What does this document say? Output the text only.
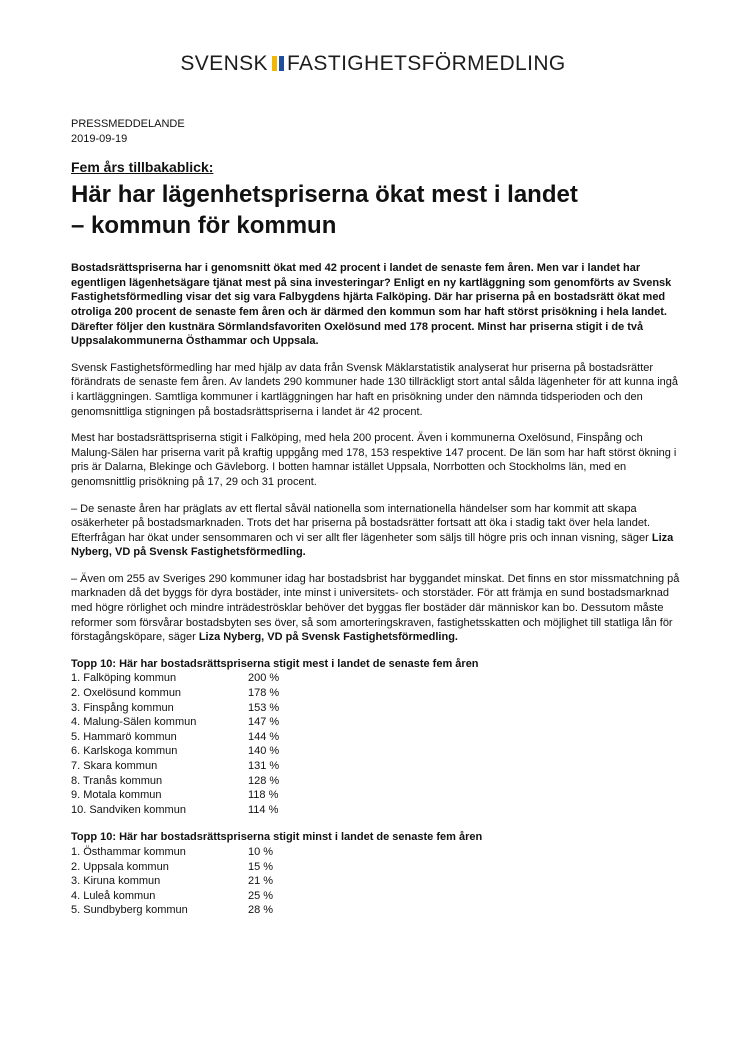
SVENSK FASTIGHETSFÖRMEDLING
PRESSMEDDELANDE
2019-09-19
Fem års tillbakablick:
Här har lägenhetspriserna ökat mest i landet
– kommun för kommun

Bostadsrättspriserna har i genomsnitt ökat med 42 procent i landet de senaste fem åren. Men var i landet har egentligen lägenhetsägare tjänat mest på sina investeringar? Enligt en ny kartläggning som genomförts av Svensk Fastighetsförmedling visar det sig vara Falbygdens hjärta Falköping. Där har priserna på en bostadsrätt ökat med otroliga 200 procent de senaste fem åren och är därmed den kommun som har haft störst prisökning i hela landet. Därefter följer den kustnära Sörmlandsfavoriten Oxelösund med 178 procent. Minst har priserna stigit i de två Uppsalakommunerna Östhammar och Uppsala.

Svensk Fastighetsförmedling har med hjälp av data från Svensk Mäklarstatistik analyserat hur priserna på bostadsrätter förändrats de senaste fem åren. Av landets 290 kommuner hade 130 tillräckligt stort antal sålda lägenheter för att kunna ingå i kartläggningen. Samtliga kommuner i kartläggningen har haft en prisökning under den nämnda tidsperioden och den genomsnittliga stigningen på bostadsrättspriserna i landet är 42 procent.

Mest har bostadsrättspriserna stigit i Falköping, med hela 200 procent. Även i kommunerna Oxelösund, Finspång och Malung-Sälen har priserna varit på kraftig uppgång med 178, 153 respektive 147 procent. De län som har haft störst ökning i pris är Dalarna, Blekinge och Gävleborg. I botten hamnar istället Uppsala, Norrbotten och Stockholms län, med en genomsnittlig prisökning på 17, 29 och 31 procent.

– De senaste åren har präglats av ett flertal såväl nationella som internationella händelser som har kommit att skapa osäkerheter på bostadsmarknaden. Trots det har priserna på bostadsrätter fortsatt att öka i stadig takt över hela landet. Efterfrågan har ökat under sensommaren och vi ser allt fler lägenheter som säljs till högre pris och innan visning, säger Liza Nyberg, VD på Svensk Fastighetsförmedling.

– Även om 255 av Sveriges 290 kommuner idag har bostadsbrist har byggandet minskat. Det finns en stor missmatchning på marknaden då det byggs för dyra bostäder, inte minst i universitets- och storstäder. För att främja en sund bostadsmarknad med högre rörlighet och mindre inträdeströsklar behöver det byggas fler bostäder där människor kan bo. Dessutom måste reformer som försvårar bostadsbyten ses över, så som amorteringskraven, fastighetsskatten och möjlighet till statliga lån för förstagångsköpare, säger Liza Nyberg, VD på Svensk Fastighetsförmedling.

Topp 10: Här har bostadsrättspriserna stigit mest i landet de senaste fem åren
1. Falköping kommun	200 %
2. Oxelösund kommun	178 %
3. Finspång kommun	153 %
4. Malung-Sälen kommun	147 %
5. Hammarö kommun	144 %
6. Karlskoga kommun	140 %
7. Skara kommun	131 %
8. Tranås kommun	128 %
9. Motala kommun	118 %
10. Sandviken kommun	114 %
Topp 10: Här har bostadsrättspriserna stigit minst i landet de senaste fem åren
1. Östhammar kommun	10 %
2. Uppsala kommun	15 %
3. Kiruna kommun	21 %
4. Luleå kommun	25 %
5. Sundbyberg kommun	28 %
